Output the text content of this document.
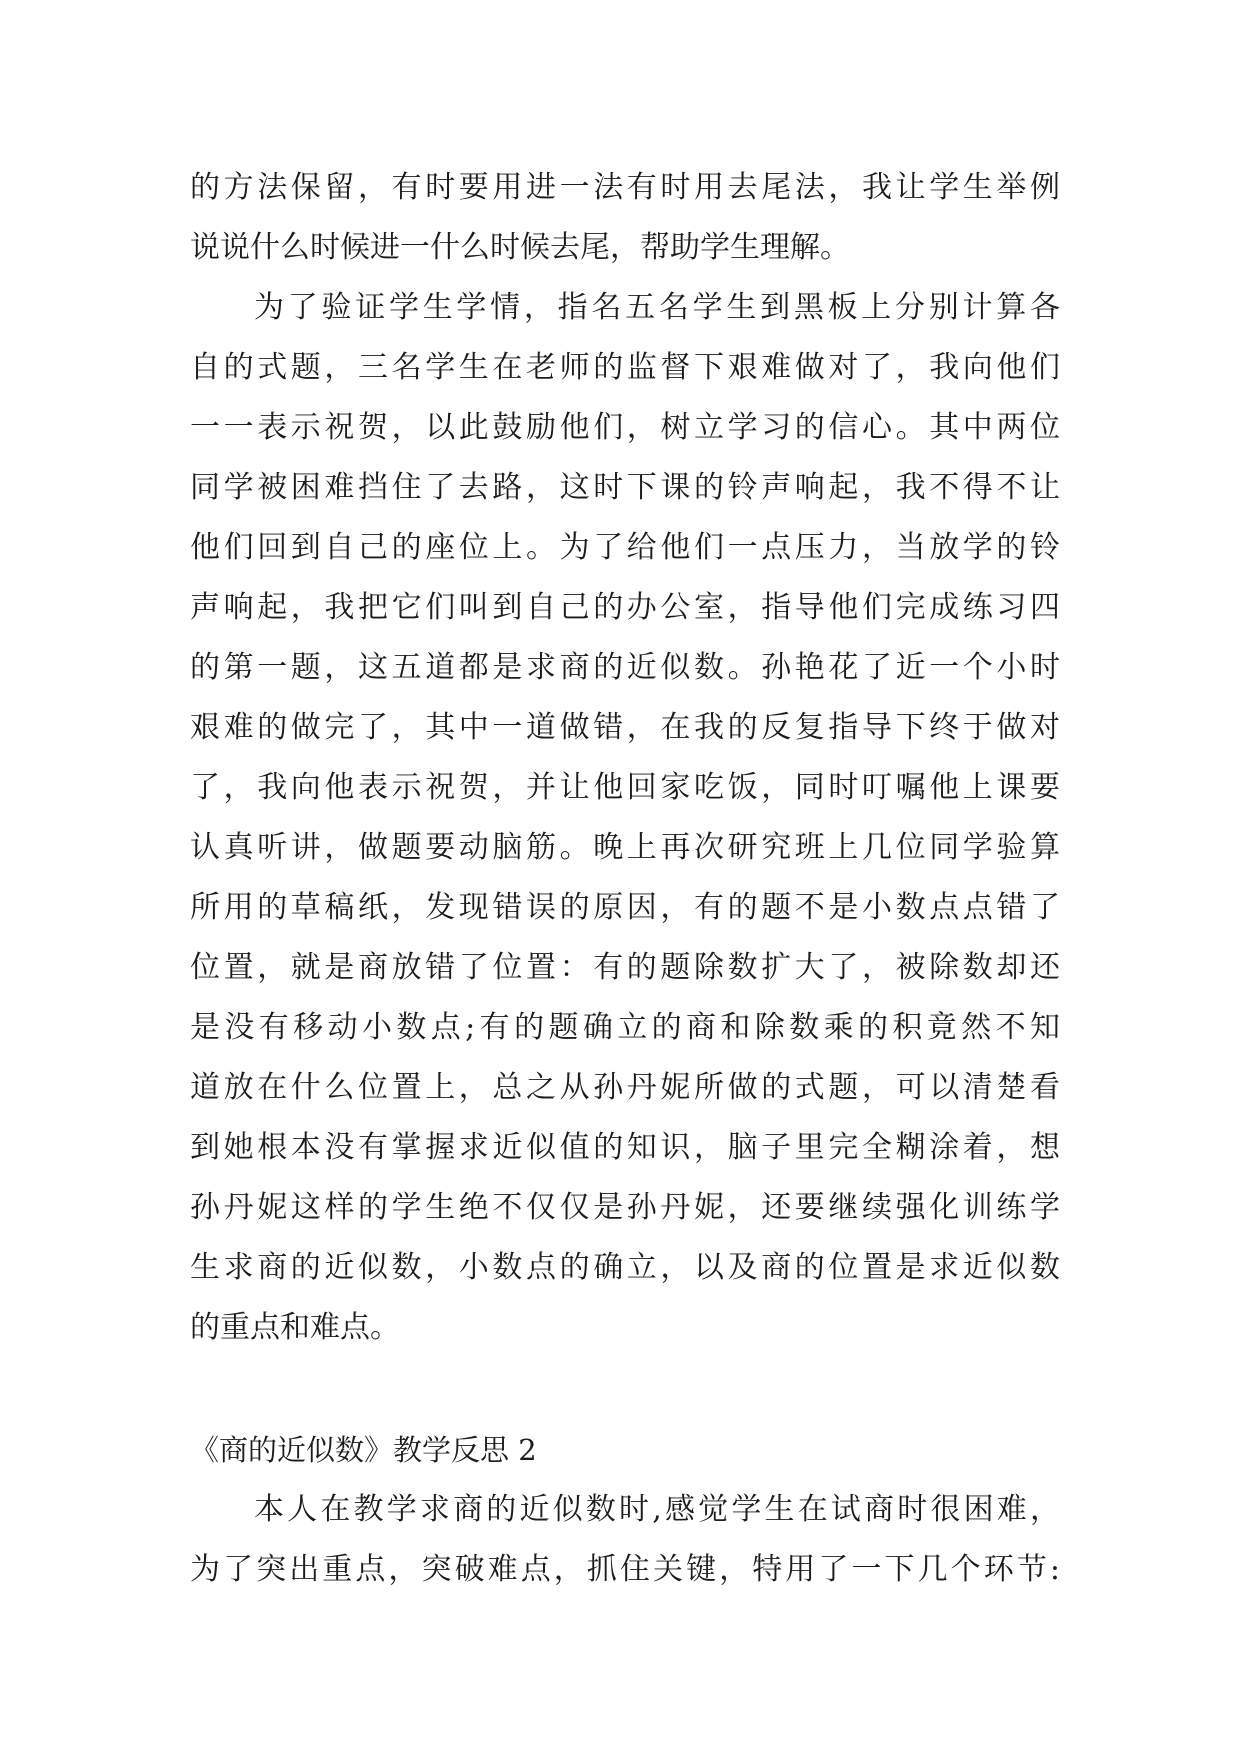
的方法保留，有时要用进一法有时用去尾法，我让学生举例
说说什么时候进一什么时候去尾，帮助学生理解。
为了验证学生学情，指名五名学生到黑板上分别计算各
自的式题，三名学生在老师的监督下艰难做对了，我向他们
一一表示祝贺，以此鼓励他们，树立学习的信心。其中两位
同学被困难挡住了去路，这时下课的铃声响起，我不得不让
他们回到自己的座位上。为了给他们一点压力，当放学的铃
声响起，我把它们叫到自己的办公室，指导他们完成练习四
的第一题，这五道都是求商的近似数。孙艳花了近一个小时
艰难的做完了，其中一道做错，在我的反复指导下终于做对
了，我向他表示祝贺，并让他回家吃饭，同时叮嘱他上课要
认真听讲，做题要动脑筋。晚上再次研究班上几位同学验算
所用的草稿纸，发现错误的原因，有的题不是小数点点错了
位置，就是商放错了位置：有的题除数扩大了，被除数却还
是没有移动小数点;有的题确立的商和除数乘的积竟然不知
道放在什么位置上，总之从孙丹妮所做的式题，可以清楚看
到她根本没有掌握求近似值的知识，脑子里完全糊涂着，想
孙丹妮这样的学生绝不仅仅是孙丹妮，还要继续强化训练学
生求商的近似数，小数点的确立，以及商的位置是求近似数
的重点和难点。
《商的近似数》教学反思 2
本人在教学求商的近似数时,感觉学生在试商时很困难，
为了突出重点，突破难点，抓住关键，特用了一下几个环节:
